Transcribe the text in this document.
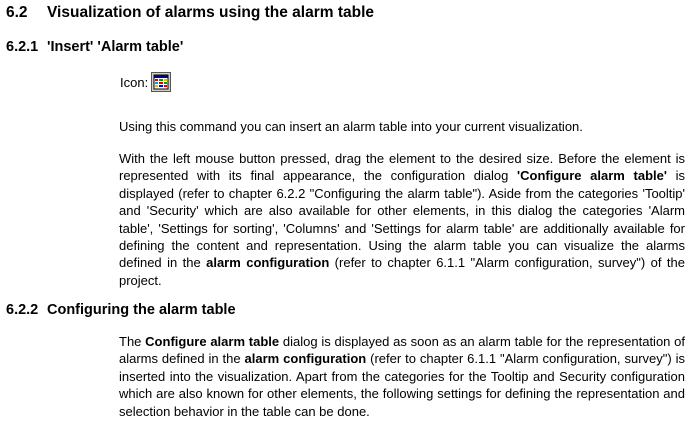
6.2 Visualization of alarms using the alarm table
6.2.1 'Insert' 'Alarm table'
Icon:
Using this command you can insert an alarm table into your current visualization.
With the left mouse button pressed, drag the element to the desired size. Before the element is represented with its final appearance, the configuration dialog 'Configure alarm table' is displayed (refer to chapter 6.2.2 "Configuring the alarm table"). Aside from the categories 'Tooltip' and 'Security' which are also available for other elements, in this dialog the categories 'Alarm table', 'Settings for sorting', 'Columns' and 'Settings for alarm table' are additionally available for defining the content and representation. Using the alarm table you can visualize the alarms defined in the alarm configuration (refer to chapter 6.1.1 "Alarm configuration, survey") of the project.
6.2.2 Configuring the alarm table
The Configure alarm table dialog is displayed as soon as an alarm table for the representation of alarms defined in the alarm configuration (refer to chapter 6.1.1 "Alarm configuration, survey") is inserted into the visualization. Apart from the categories for the Tooltip and Security configuration which are also known for other elements, the following settings for defining the representation and selection behavior in the table can be done.
